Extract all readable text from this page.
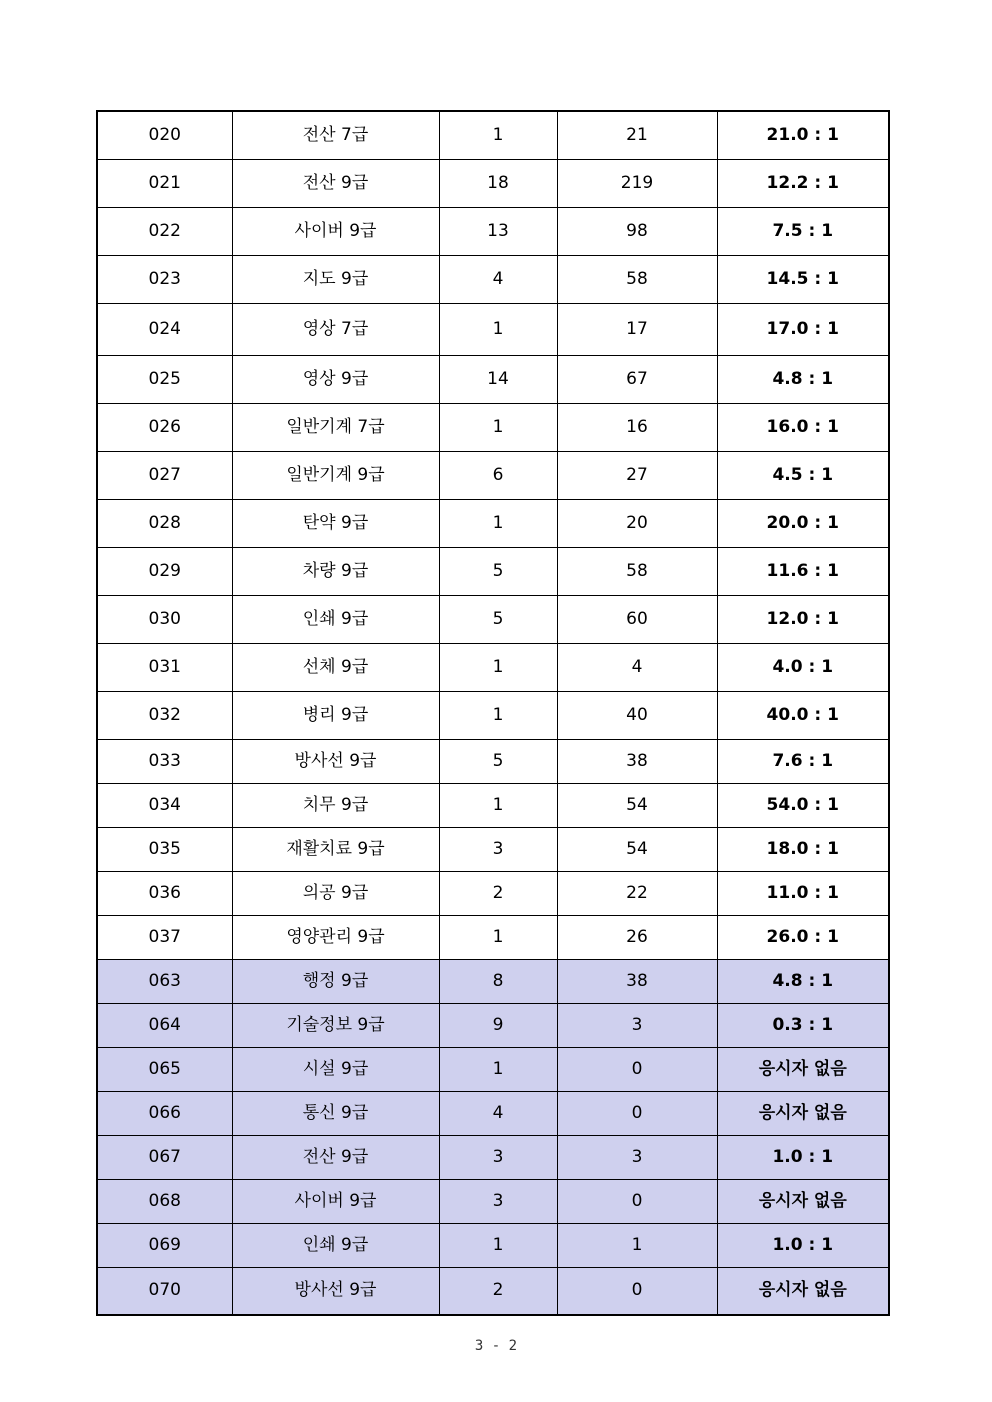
020	전산 7급	1	21	21.0 : 1
021	전산 9급	18	219	12.2 : 1
022	사이버 9급	13	98	7.5 : 1
023	지도 9급	4	58	14.5 : 1
024	영상 7급	1	17	17.0 : 1
025	영상 9급	14	67	4.8 : 1
026	일반기계 7급	1	16	16.0 : 1
027	일반기계 9급	6	27	4.5 : 1
028	탄약 9급	1	20	20.0 : 1
029	차량 9급	5	58	11.6 : 1
030	인쇄 9급	5	60	12.0 : 1
031	선체 9급	1	4	4.0 : 1
032	병리 9급	1	40	40.0 : 1
033	방사선 9급	5	38	7.6 : 1
034	치무 9급	1	54	54.0 : 1
035	재활치료 9급	3	54	18.0 : 1
036	의공 9급	2	22	11.0 : 1
037	영양관리 9급	1	26	26.0 : 1
063	행정 9급	8	38	4.8 : 1
064	기술정보 9급	9	3	0.3 : 1
065	시설 9급	1	0	응시자 없음
066	통신 9급	4	0	응시자 없음
067	전산 9급	3	3	1.0 : 1
068	사이버 9급	3	0	응시자 없음
069	인쇄 9급	1	1	1.0 : 1
070	방사선 9급	2	0	응시자 없음
3 - 2
